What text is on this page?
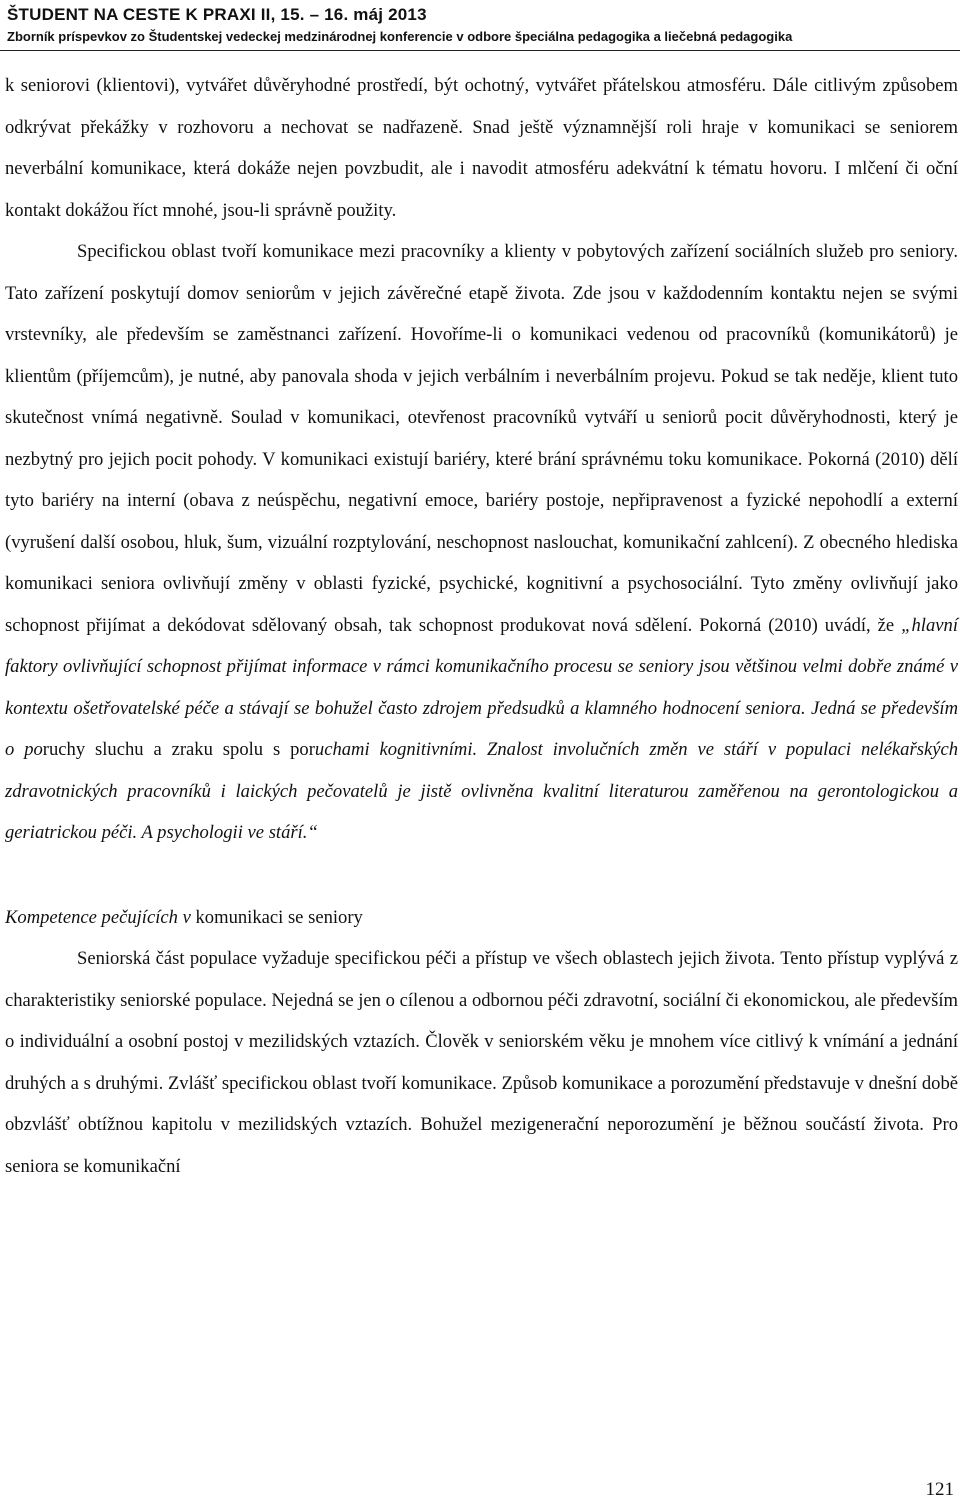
ŠTUDENT NA CESTE K PRAXI II, 15. – 16. máj 2013
Zborník príspevkov zo Študentskej vedeckej medzinárodnej konferencie v odbore špeciálna pedagogika a liečebná pedagogika

k seniorovi (klientovi), vytvářet důvěryhodné prostředí, být ochotný, vytvářet přátelskou atmosféru. Dále citlivým způsobem odkrývat překážky v rozhovoru a nechovat se nadřazeně. Snad ještě významnější roli hraje v komunikaci se seniorem neverbální komunikace, která dokáže nejen povzbudit, ale i navodit atmosféru adekvátní k tématu hovoru. I mlčení či oční kontakt dokážou říct mnohé, jsou-li správně použity.

Specifickou oblast tvoří komunikace mezi pracovníky a klienty v pobytových zařízení sociálních služeb pro seniory. Tato zařízení poskytují domov seniorům v jejich závěrečné etapě života. Zde jsou v každodenním kontaktu nejen se svými vrstevníky, ale především se zaměstnanci zařízení. Hovoříme-li o komunikaci vedenou od pracovníků (komunikátorů) je klientům (příjemcům), je nutné, aby panovala shoda v jejich verbálním i neverbálním projevu. Pokud se tak neděje, klient tuto skutečnost vnímá negativně. Soulad v komunikaci, otevřenost pracovníků vytváří u seniorů pocit důvěryhodnosti, který je nezbytný pro jejich pocit pohody. V komunikaci existují bariéry, které brání správnému toku komunikace. Pokorná (2010) dělí tyto bariéry na interní (obava z neúspěchu, negativní emoce, bariéry postoje, nepřipravenost a fyzické nepohodlí a externí (vyrušení další osobou, hluk, šum, vizuální rozptylování, neschopnost naslouchat, komunikační zahlcení). Z obecného hlediska komunikaci seniora ovlivňují změny v oblasti fyzické, psychické, kognitivní a psychosociální. Tyto změny ovlivňují jako schopnost přijímat a dekódovat sdělovaný obsah, tak schopnost produkovat nová sdělení. Pokorná (2010) uvádí, že „hlavní faktory ovlivňující schopnost přijímat informace v rámci komunikačního procesu se seniory jsou většinou velmi dobře známé v kontextu ošetřovatelské péče a stávají se bohužel často zdrojem předsudků a klamného hodnocení seniora. Jedná se především o poruchy sluchu a zraku spolu s poruchami kognitivními. Znalost involučních změn ve stáří v populaci nelékařských zdravotnických pracovníků i laických pečovatelů je jistě ovlivněna kvalitní literaturou zaměřenou na gerontologickou a geriatrickou péči. A psychologii ve stáří.“

Kompetence pečujících v komunikaci se seniory

Seniorská část populace vyžaduje specifickou péči a přístup ve všech oblastech jejich života. Tento přístup vyplývá z charakteristiky seniorské populace. Nejedná se jen o cílenou a odbornou péči zdravotní, sociální či ekonomickou, ale především o individuální a osobní postoj v mezilidských vztazích. Člověk v seniorském věku je mnohem více citlivý k vnímání a jednání druhých a s druhými. Zvlášť specifickou oblast tvoří komunikace. Způsob komunikace a porozumění představuje v dnešní době obzvlášť obtížnou kapitolu v mezilidských vztazích. Bohužel mezigenerační neporozumění je běžnou součástí života. Pro seniora se komunikační

121
